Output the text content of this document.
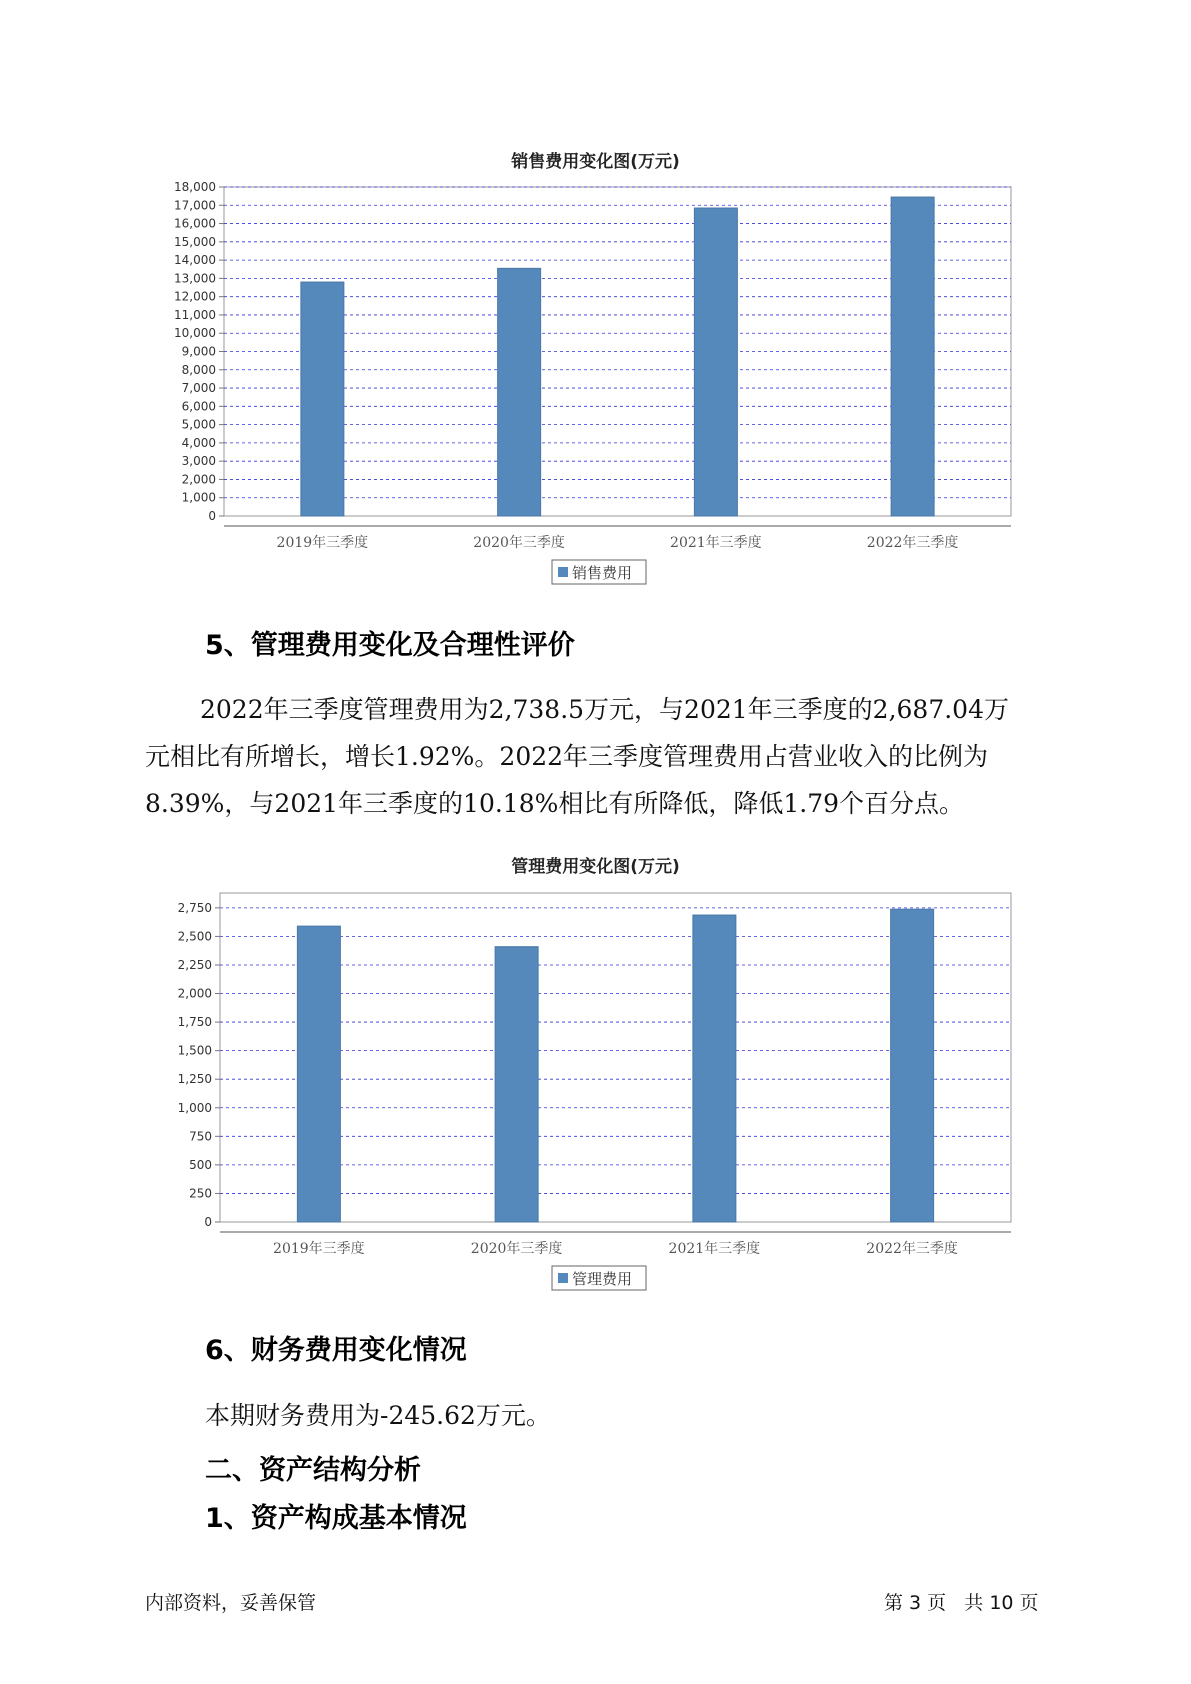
销售费用变化图(万元)
0
1,000
2,000
3,000
4,000
5,000
6,000
7,000
8,000
9,000
10,000
11,000
12,000
13,000
14,000
15,000
16,000
17,000
18,000
2019年三季度	2020年三季度	2021年三季度	2022年三季度
销售费用
5、管理费用变化及合理性评价

2022年三季度管理费用为2,738.5万元，与2021年三季度的2,687.04万

元相比有所增长，增长1.92%。2022年三季度管理费用占营业收入的比例为

8.39%，与2021年三季度的10.18%相比有所降低，降低1.79个百分点。

管理费用变化图(万元)
0
250
500
750
1,000
1,250
1,500
1,750
2,000
2,250
2,500
2,750
2019年三季度	2020年三季度	2021年三季度	2022年三季度
管理费用
6、财务费用变化情况

本期财务费用为-245.62万元。

二、资产结构分析
1、资产构成基本情况
内部资料，妥善保管	第 3 页   共 10 页
